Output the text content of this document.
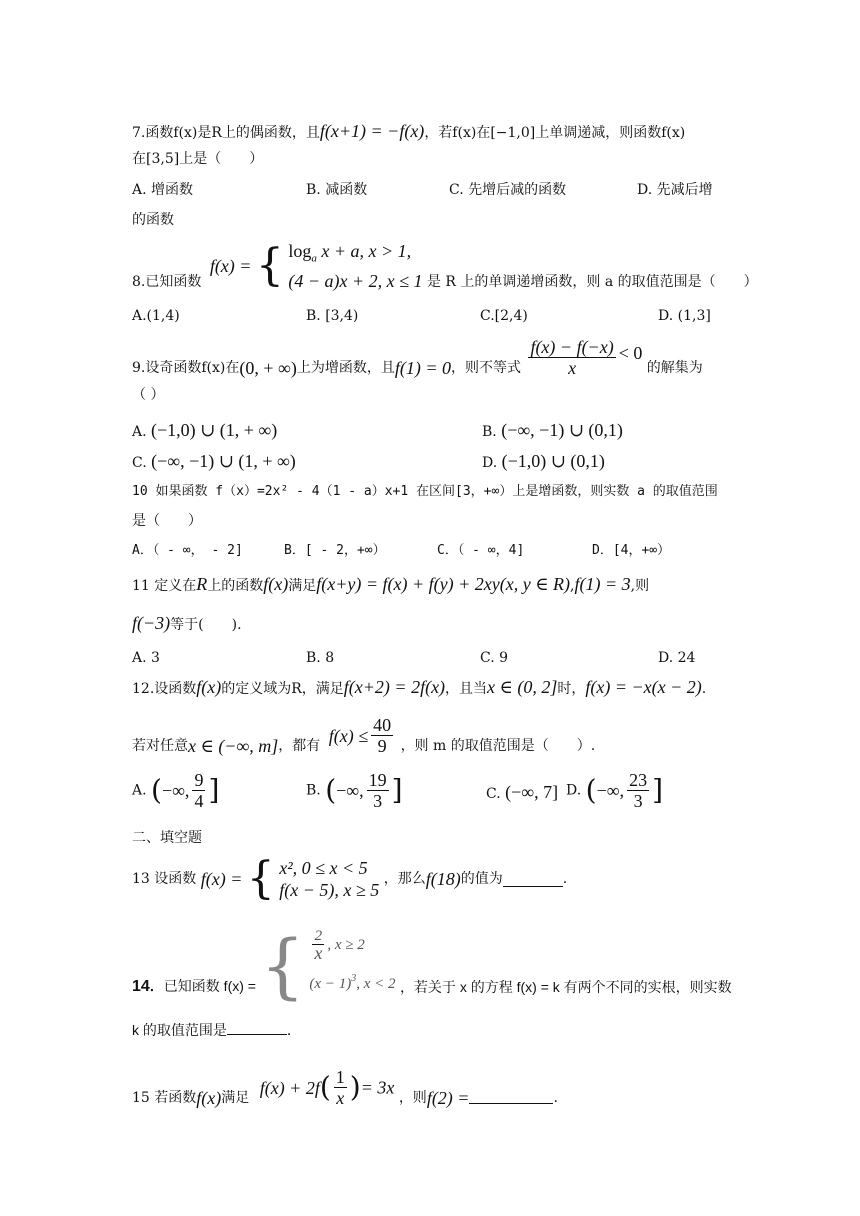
7.函数f(x)是R上的偶函数，且f(x+1) = −f(x)，若f(x)在[−1,0]上单调递减，则函数f(x)
在[3,5]上是（　　）
A. 增函数	B. 减函数	C. 先增后减的函数	D. 先减后增
的函数
8.已知函数 f(x) = { $\log_a x + a$, x > 1,
(4 − a)x + 2, x ≤ 1 是 R 上的单调递增函数，则 a 的取值范围是（　　）
A.(1,4)	B. [3,4)	C.[2,4)	D. (1,3]
9.设奇函数f(x)在(0, + ∞)上为增函数，且f(1) = 0，则不等式 $\frac{f(x) - f(-x)}{x} < 0$ 的解集为
（ ）
A. (−1,0) ∪ (1, + ∞)	B. (−∞, −1) ∪ (0,1)
C. (−∞, −1) ∪ (1, + ∞)	D. (−1,0) ∪ (0,1)
10 如果函数 f（x）=2x² - 4（1 - a）x+1 在区间[3，+∞）上是增函数，则实数 a 的取值范围
是（　　）
A．（ - ∞， - 2]	B．[ - 2，+∞）	C．（ - ∞，4]	D．[4，+∞）
11 定义在R上的函数f(x)满足f(x+y) = f(x) + f(y) + 2xy(x, y ∈ R),f(1) = 3,则
f(−3)等于(　　).
A. 3	B. 8	C. 9	D. 24
12.设函数f(x)的定义域为R，满足f(x+2) = 2f(x)，且当x ∈ (0, 2]时，f(x) = −x(x − 2).
若对任意x ∈ (−∞, m]，都有 $f(x) \le \frac{40}{9}$ ，则 m 的取值范围是（　　）.
A. (−∞, $\frac{9}{4}$ ]	B. (−∞, $\frac{19}{3}$ ]	C. (−∞, 7] D. (−∞, $\frac{23}{3}$ ]
二、填空题
13 设函数 f(x) = { x², 0 ≤ x < 5
f(x − 5), x ≥ 5
，那么f(18)的值为	.
14．已知函数 f(x) = { $\frac{2}{x}$ , x ≥ 2
$(x - 1)^3$, x < 2 ，若关于 x 的方程 f(x) = k 有两个不同的实根，则实数
k 的取值范围是	．
15 若函数f(x)满足 $f(x) + 2f( \frac{1}{x}$ )= 3x ，则f(2) =	.
